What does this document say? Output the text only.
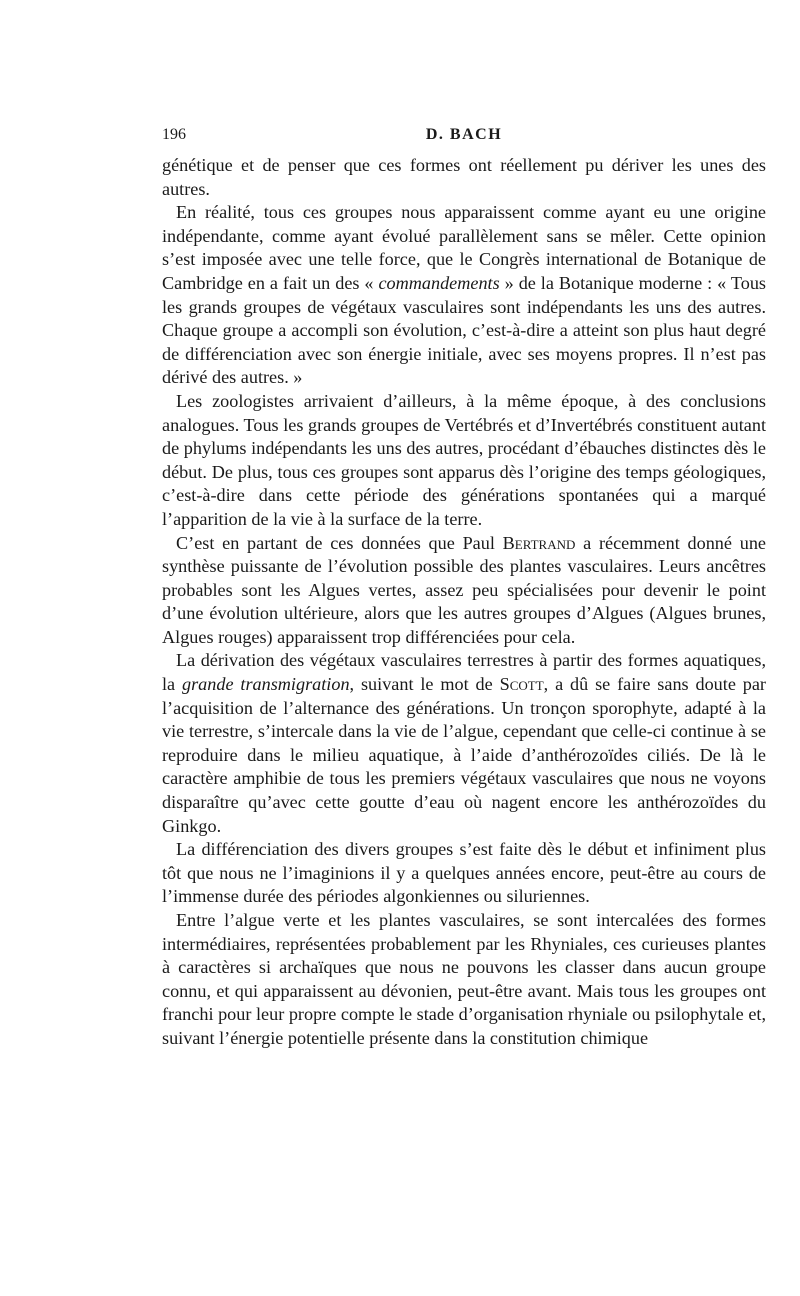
196	D. BACH

génétique et de penser que ces formes ont réellement pu dériver les unes des autres.

En réalité, tous ces groupes nous apparaissent comme ayant eu une origine indépendante, comme ayant évolué parallèlement sans se mêler. Cette opinion s’est imposée avec une telle force, que le Congrès international de Botanique de Cambridge en a fait un des « commandements » de la Botanique moderne : « Tous les grands groupes de végétaux vasculaires sont indépendants les uns des autres. Chaque groupe a accompli son évolution, c’est-à-dire a atteint son plus haut degré de différenciation avec son énergie initiale, avec ses moyens propres. Il n’est pas dérivé des autres. »

Les zoologistes arrivaient d’ailleurs, à la même époque, à des conclusions analogues. Tous les grands groupes de Vertébrés et d’Invertébrés constituent autant de phylums indépendants les uns des autres, procédant d’ébauches distinctes dès le début. De plus, tous ces groupes sont apparus dès l’origine des temps géologiques, c’est-à-dire dans cette période des générations spontanées qui a marqué l’apparition de la vie à la surface de la terre.

C’est en partant de ces données que Paul Bertrand a récemment donné une synthèse puissante de l’évolution possible des plantes vasculaires. Leurs ancêtres probables sont les Algues vertes, assez peu spécialisées pour devenir le point d’une évolution ultérieure, alors que les autres groupes d’Algues (Algues brunes, Algues rouges) apparaissent trop différenciées pour cela.

La dérivation des végétaux vasculaires terrestres à partir des formes aquatiques, la grande transmigration, suivant le mot de Scott, a dû se faire sans doute par l’acquisition de l’alternance des générations. Un tronçon sporophyte, adapté à la vie terrestre, s’intercale dans la vie de l’algue, cependant que celle-ci continue à se reproduire dans le milieu aquatique, à l’aide d’anthérozoïdes ciliés. De là le caractère amphibie de tous les premiers végétaux vasculaires que nous ne voyons disparaître qu’avec cette goutte d’eau où nagent encore les anthérozoïdes du Ginkgo.

La différenciation des divers groupes s’est faite dès le début et infiniment plus tôt que nous ne l’imaginions il y a quelques années encore, peut-être au cours de l’immense durée des périodes algonkiennes ou siluriennes.

Entre l’algue verte et les plantes vasculaires, se sont intercalées des formes intermédiaires, représentées probablement par les Rhyniales, ces curieuses plantes à caractères si archaïques que nous ne pouvons les classer dans aucun groupe connu, et qui apparaissent au dévonien, peut-être avant. Mais tous les groupes ont franchi pour leur propre compte le stade d’organisation rhyniale ou psilophytale et, suivant l’énergie potentielle présente dans la constitution chimique
